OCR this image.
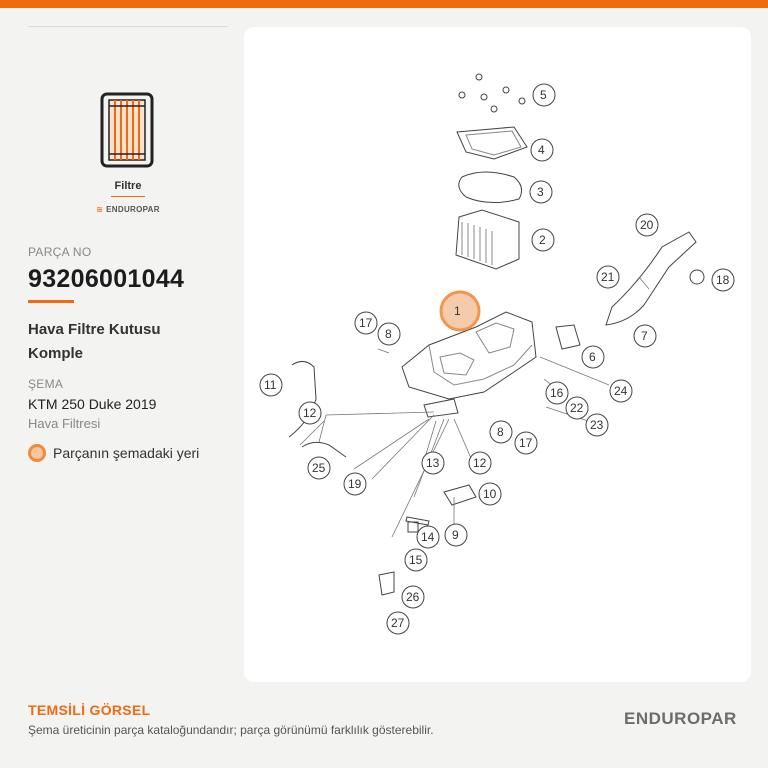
Filtre
≋ ENDUROPAR
PARÇA NO
93206001044
Hava Filtre Kutusu Komple
ŞEMA
KTM 250 Duke 2019
Hava Filtresi
Parçanın şemadaki yeri
1
5
4
3
2
17
8
20
21	18
7
6
24
16
22
23
8
17
11
12
13	12
10
25
19
9
14
15
26
27
TEMSİLİ GÖRSEL
Şema üreticinin parça kataloğundandır; parça görünümü farklılık gösterebilir.
ENDUROPAR
